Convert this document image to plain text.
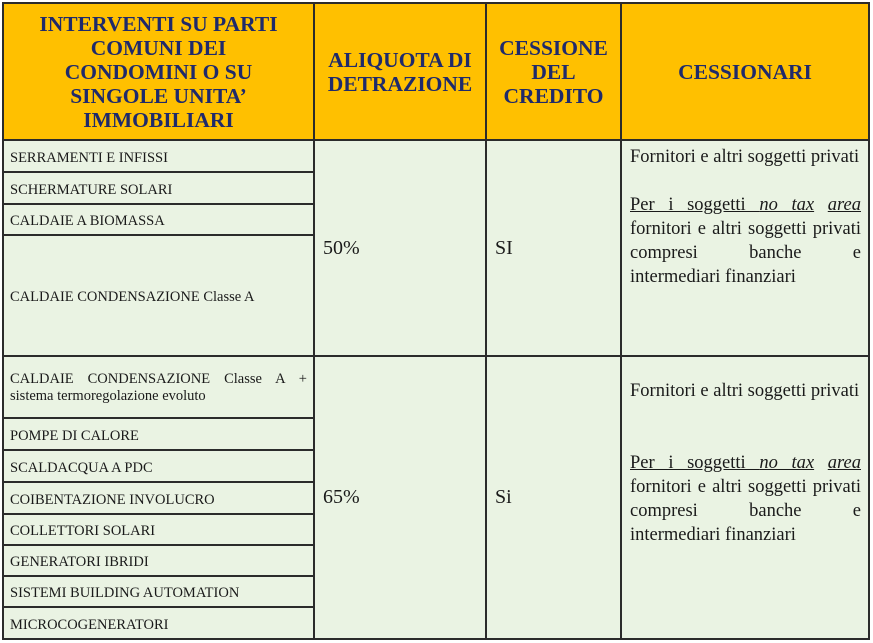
INTERVENTI SU PARTI
COMUNI DEI
CONDOMINI O SU
SINGOLE UNITA’
IMMOBILIARI
ALIQUOTA DI
DETRAZIONE
CESSIONE
DEL
CREDITO
CESSIONARI
SERRAMENTI E INFISSI
SCHERMATURE SOLARI
CALDAIE A BIOMASSA
CALDAIE CONDENSAZIONE Classe A
50%	SI

Fornitori e altri soggetti privati

Per i soggetti no tax area fornitori e altri soggetti privati compresi banche e intermediari finanziari

CALDAIE CONDENSAZIONE Classe A + sistema termoregolazione evoluto
POMPE DI CALORE
SCALDACQUA A PDC
COIBENTAZIONE INVOLUCRO
COLLETTORI SOLARI
GENERATORI IBRIDI
SISTEMI BUILDING AUTOMATION
MICROCOGENERATORI
65%	Si

Fornitori e altri soggetti privati

Per i soggetti no tax area fornitori e altri soggetti privati compresi banche e intermediari finanziari
